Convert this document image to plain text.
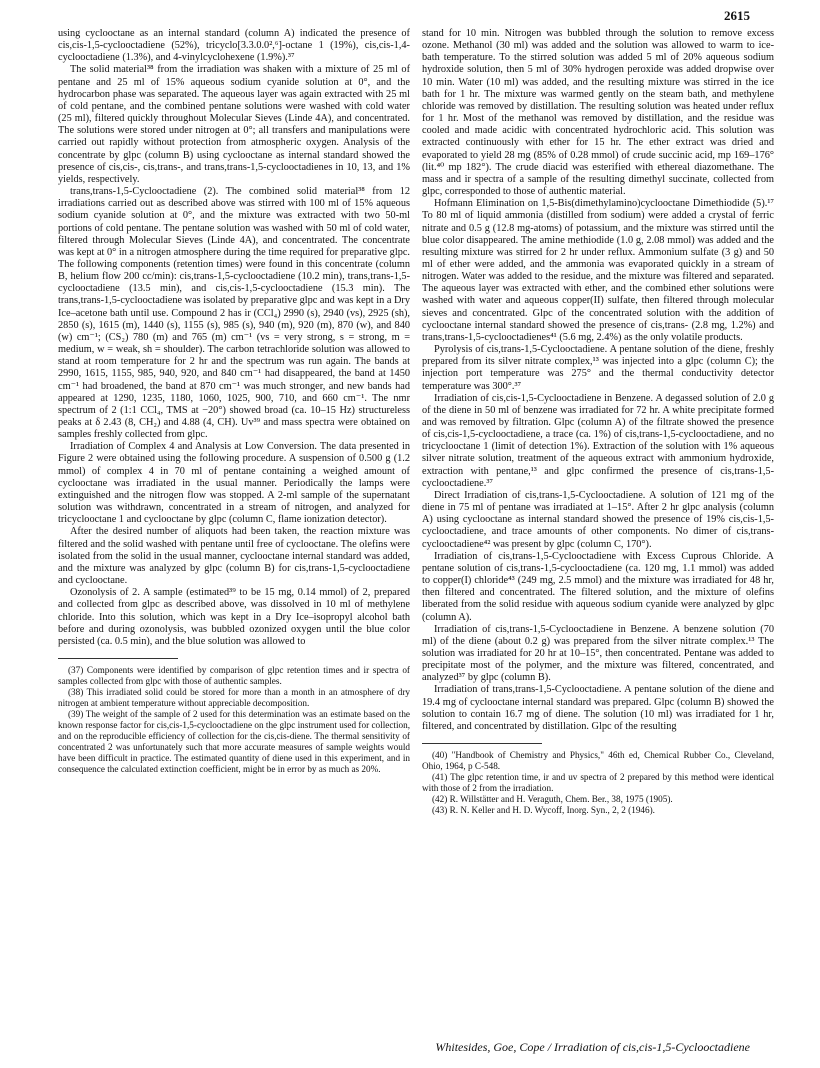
2615

using cyclooctane as an internal standard (column A) indicated the presence of cis,cis-1,5-cyclooctadiene (52%), tricyclo[3.3.0.0²,⁶]-octane 1 (19%), cis,cis-1,4-cyclooctadiene (1.3%), and 4-vinylcyclohexene (1.9%).³⁷

The solid material³⁸ from the irradiation was shaken with a mixture of 25 ml of pentane and 25 ml of 15% aqueous sodium cyanide solution at 0°, and the hydrocarbon phase was separated. The aqueous layer was again extracted with 25 ml of cold pentane, and the combined pentane solutions were washed with cold water (25 ml), filtered quickly throughout Molecular Sieves (Linde 4A), and concentrated. The solutions were stored under nitrogen at 0°; all transfers and manipulations were carried out rapidly without protection from atmospheric oxygen. Analysis of the concentrate by glpc (column B) using cyclooctane as internal standard showed the presence of cis,cis-, cis,trans-, and trans,trans-1,5-cyclooctadienes in 10, 13, and 1% yields, respectively.

trans,trans-1,5-Cyclooctadiene (2). The combined solid material³⁸ from 12 irradiations carried out as described above was stirred with 100 ml of 15% aqueous sodium cyanide solution at 0°, and the mixture was extracted with two 50-ml portions of cold pentane. The pentane solution was washed with 50 ml of cold water, filtered through Molecular Sieves (Linde 4A), and concentrated. The concentrate was kept at 0° in a nitrogen atmosphere during the time required for preparative glpc. The following components (retention times) were found in this concentrate (column B, helium flow 200 cc/min): cis,trans-1,5-cyclooctadiene (10.2 min), trans,trans-1,5-cyclooctadiene (13.5 min), and cis,cis-1,5-cyclooctadiene (15.3 min). The trans,trans-1,5-cyclooctadiene was isolated by preparative glpc and was kept in a Dry Ice–acetone bath until use. Compound 2 has ir (CCl₄) 2990 (s), 2940 (vs), 2925 (sh), 2850 (s), 1615 (m), 1440 (s), 1155 (s), 985 (s), 940 (m), 920 (m), 870 (w), and 840 (w) cm⁻¹; (CS₂) 780 (m) and 765 (m) cm⁻¹ (vs = very strong, s = strong, m = medium, w = weak, sh = shoulder). The carbon tetrachloride solution was allowed to stand at room temperature for 2 hr and the spectrum was run again. The bands at 2990, 1615, 1155, 985, 940, 920, and 840 cm⁻¹ had disappeared, the band at 1450 cm⁻¹ had broadened, the band at 870 cm⁻¹ was much stronger, and new bands had appeared at 1290, 1235, 1180, 1060, 1025, 900, 710, and 660 cm⁻¹. The nmr spectrum of 2 (1:1 CCl₄, TMS at −20°) showed broad (ca. 10–15 Hz) structureless peaks at δ 2.43 (8, CH₂) and 4.88 (4, CH). Uv³⁹ and mass spectra were obtained on samples freshly collected from glpc.

Irradiation of Complex 4 and Analysis at Low Conversion. The data presented in Figure 2 were obtained using the following procedure. A suspension of 0.500 g (1.2 mmol) of complex 4 in 70 ml of pentane containing a weighed amount of cyclooctane was irradiated in the usual manner. Periodically the lamps were extinguished and the nitrogen flow was stopped. A 2-ml sample of the supernatant solution was withdrawn, concentrated in a stream of nitrogen, and analyzed for tricyclooctane 1 and cyclooctane by glpc (column C, flame ionization detector).

After the desired number of aliquots had been taken, the reaction mixture was filtered and the solid washed with pentane until free of cyclooctane. The olefins were isolated from the solid in the usual manner, cyclooctane internal standard was added, and the mixture was analyzed by glpc (column B) for cis,trans-1,5-cyclooctadiene and cyclooctane.

Ozonolysis of 2. A sample (estimated³⁹ to be 15 mg, 0.14 mmol) of 2, prepared and collected from glpc as described above, was dissolved in 10 ml of methylene chloride. Into this solution, which was kept in a Dry Ice–isopropyl alcohol bath before and during ozonolysis, was bubbled ozonized oxygen until the blue color persisted (ca. 0.5 min), and the blue solution was allowed to

(37) Components were identified by comparison of glpc retention times and ir spectra of samples collected from glpc with those of authentic samples.

(38) This irradiated solid could be stored for more than a month in an atmosphere of dry nitrogen at ambient temperature without appreciable decomposition.

(39) The weight of the sample of 2 used for this determination was an estimate based on the known response factor for cis,cis-1,5-cyclooctadiene on the glpc instrument used for collection, and on the reproducible efficiency of collection for the cis,cis-diene. The thermal sensitivity of concentrated 2 was unfortunately such that more accurate measures of sample weights would have been difficult in practice. The estimated quantity of diene used in this experiment, and in consequence the calculated extinction coefficient, might be in error by as much as 20%.

stand for 10 min. Nitrogen was bubbled through the solution to remove excess ozone. Methanol (30 ml) was added and the solution was allowed to warm to ice-bath temperature. To the stirred solution was added 5 ml of 20% aqueous sodium hydroxide solution, then 5 ml of 30% hydrogen peroxide was added dropwise over 10 min. Water (10 ml) was added, and the resulting mixture was stirred in the ice bath for 1 hr. The mixture was warmed gently on the steam bath, and methylene chloride was removed by distillation. The resulting solution was heated under reflux for 1 hr. Most of the methanol was removed by distillation, and the residue was cooled and made acidic with concentrated hydrochloric acid. This solution was extracted continuously with ether for 15 hr. The ether extract was dried and evaporated to yield 28 mg (85% of 0.28 mmol) of crude succinic acid, mp 169–176° (lit.⁴⁰ mp 182°). The crude diacid was esterified with ethereal diazomethane. The mass and ir spectra of a sample of the resulting dimethyl succinate, collected from glpc, corresponded to those of authentic material.

Hofmann Elimination on 1,5-Bis(dimethylamino)cyclooctane Dimethiodide (5).¹⁷ To 80 ml of liquid ammonia (distilled from sodium) were added a crystal of ferric nitrate and 0.5 g (12.8 mg-atoms) of potassium, and the mixture was stirred until the blue color disappeared. The amine methiodide (1.0 g, 2.08 mmol) was added and the resulting mixture was stirred for 2 hr under reflux. Ammonium sulfate (3 g) and 50 ml of ether were added, and the ammonia was evaporated quickly in a stream of nitrogen. Water was added to the residue, and the mixture was filtered and separated. The aqueous layer was extracted with ether, and the combined ether solutions were washed with water and aqueous copper(II) sulfate, then filtered through molecular sieves and concentrated. Glpc of the concentrated solution with the addition of cyclooctane internal standard showed the presence of cis,trans- (2.8 mg, 1.2%) and trans,trans-1,5-cyclooctadienes⁴¹ (5.6 mg, 2.4%) as the only volatile products.

Pyrolysis of cis,trans-1,5-Cyclooctadiene. A pentane solution of the diene, freshly prepared from its silver nitrate complex,¹³ was injected into a glpc (column C); the injection port temperature was 275° and the thermal conductivity detector temperature was 300°.³⁷

Irradiation of cis,cis-1,5-Cyclooctadiene in Benzene. A degassed solution of 2.0 g of the diene in 50 ml of benzene was irradiated for 72 hr. A white precipitate formed and was removed by filtration. Glpc (column A) of the filtrate showed the presence of cis,cis-1,5-cyclooctadiene, a trace (ca. 1%) of cis,trans-1,5-cyclooctadiene, and no tricyclooctane 1 (limit of detection 1%). Extraction of the solution with 1% aqueous silver nitrate solution, treatment of the aqueous extract with ammonium hydroxide, extraction with pentane,¹³ and glpc confirmed the presence of cis,trans-1,5-cyclooctadiene.³⁷

Direct Irradiation of cis,trans-1,5-Cyclooctadiene. A solution of 121 mg of the diene in 75 ml of pentane was irradiated at 1–15°. After 2 hr glpc analysis (column A) using cyclooctane as internal standard showed the presence of 19% cis,cis-1,5-cyclooctadiene, and trace amounts of other components. No dimer of cis,trans-cyclooctadiene⁴² was present by glpc (column C, 170°).

Irradiation of cis,trans-1,5-Cyclooctadiene with Excess Cuprous Chloride. A pentane solution of cis,trans-1,5-cyclooctadiene (ca. 120 mg, 1.1 mmol) was added to copper(I) chloride⁴³ (249 mg, 2.5 mmol) and the mixture was irradiated for 48 hr, then filtered and concentrated. The filtered solution, and the mixture of olefins liberated from the solid residue with aqueous sodium cyanide were analyzed by glpc (column A).

Irradiation of cis,trans-1,5-Cyclooctadiene in Benzene. A benzene solution (70 ml) of the diene (about 0.2 g) was prepared from the silver nitrate complex.¹³ The solution was irradiated for 20 hr at 10–15°, then concentrated. Pentane was added to precipitate most of the polymer, and the mixture was filtered, concentrated, and analyzed³⁷ by glpc (column B).

Irradiation of trans,trans-1,5-Cyclooctadiene. A pentane solution of the diene and 19.4 mg of cyclooctane internal standard was prepared. Glpc (column B) showed the solution to contain 16.7 mg of diene. The solution (10 ml) was irradiated for 1 hr, filtered, and concentrated by distillation. Glpc of the resulting

(40) "Handbook of Chemistry and Physics," 46th ed, Chemical Rubber Co., Cleveland, Ohio, 1964, p C-548.

(41) The glpc retention time, ir and uv spectra of 2 prepared by this method were identical with those of 2 from the irradiation.

(42) R. Willstätter and H. Veraguth, Chem. Ber., 38, 1975 (1905).

(43) R. N. Keller and H. D. Wycoff, Inorg. Syn., 2, 2 (1946).

Whitesides, Goe, Cope / Irradiation of cis,cis-1,5-Cyclooctadiene
